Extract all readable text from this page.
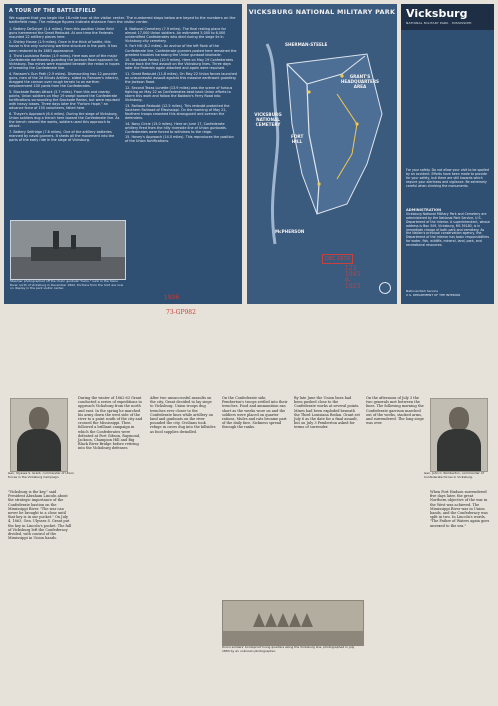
A TOUR OF THE BATTLEFIELD
We suggest that you begin the 16-mile tour at the visitor center. The numbered stops below are keyed to the numbers on the battlefield map. The mileage figures indicate distance from the visitor center.

1. Battery DeGolyer (1.4 miles). From this position Union field guns hammered the Great Redoubt. At one time the Federals mounted 22 artillery pieces here.

2. Shirley House (1.9 miles). Once in the thick of battle, this house is the only surviving wartime structure in the park. It has been restored to its 1863 appearance.

3. Third Louisiana Redan (1.9 miles). Here was one of the major Confederate earthworks guarding the Jackson Road approach to Vicksburg. Two mines were exploded beneath the redan in hopes of breaking the Confederate line.

4. Ransom's Gun Path (2.9 miles). Dismounting two 12-pounder guns, men of the 2d Illinois Artillery, aided by Ransom's infantry, dragged the cannon over rough terrain to an earthen emplacement 100 yards from the Confederates.

5. Stockade Redan Attack (3.7 miles). From this and nearby points, Union soldiers on May 19 swept toward the Confederate fortifications surrounding the Stockade Redan, but were repulsed with heavy losses. Three days later the "Forlorn Hope," an advance force of 150 volunteers, failed here.

6. Thayer's Approach (6.4 miles). During the siege of Vicksburg, Union soldiers dug a trench here toward the Confederate line. As the trench neared the works, soldiers used this approach to attack.

7. Battery Selfridge (7.6 miles). One of the artillery batteries manned by naval gunners. It sheds all the movement into the parts of the early ride in the siege of Vicksburg.

8. National Cemetery (7.9 miles). The final resting place for almost 17,000 Union soldiers. An estimated 5,000 to 6,000 unidentified Confederates who died during the siege lie in Vicksburg city cemetery.

9. Fort Hill (8.2 miles). An anchor of the left flank of the Confederate line, Confederate gunners posted here remained the greatest troubles harassing the Union gunboat blockade.

10. Stockade Redan (10.9 miles). Here on May 19 Confederates threw back the first assault on the Vicksburg lines. Three days later the Federals again attacked and again were repulsed.

11. Great Redoubt (11.8 miles). On May 22 Union forces launched an unsuccessful assault against this massive earthwork guarding the Jackson Road.

12. Second Texas Lunette (13.9 miles) was the scene of furious fighting on May 22 as Confederates beat back Union efforts to storm this work and follow the Baldwin's Ferry Road into Vicksburg.

13. Railroad Redoubt (12.5 miles). This redoubt protected the Southern Railroad of Mississippi. On the morning of May 22, Northern troops smashed this strongpoint and overran the defenders.

14. Navy Circle (15.0 miles). Here on June 17, Confederate artillery fired from the hilly riverside line of Union gunboats. Confederates were forced to withdraw to the ridge.

15. Hovey's Approach (14.0 miles). This reproduces the position of the Union fortifications.

Steamer photographed off the Union gunboat "Cairo," sunk in the Yazoo River north of Vicksburg in December 1862. Portions from the hold are now on display in the park visitor center.
1936
VICKSBURG NATIONAL MILITARY PARK
SHERMAN-STEELE
VICKSBURG NATIONAL CEMETERY
GRANT'S HEADQUARTERS AREA
FORT HILL
McPHERSON
DEC 1979
123
1945
6-
1923
Vicksburg
NATIONAL MILITARY PARK · MISSISSIPPI
For your safety. Do not allow your visit to be spoiled by an accident. Efforts have been made to provide for your safety, but there are still hazards which require your alertness and vigilance. Be extremely careful when climbing the monuments.
ADMINISTRATION
Vicksburg National Military Park and Cemetery are administered by the National Park Service, U.S. Department of the Interior. A superintendent, whose address is Box 349, Vicksburg, MS 39180, is in immediate charge of both park and cemetery. As the Nation's principal conservation agency, the Department of the Interior has basic responsibilities for water, fish, wildlife, mineral, land, park, and recreational resources.
National Park Service
U.S. DEPARTMENT OF THE INTERIOR
73-GP982
Gen. Ulysses S. Grant, commander of Union forces in the Vicksburg Campaign.
Gen. John C. Pemberton, commander of Confederate forces in Vicksburg.
"Vicksburg is the key," said President Abraham Lincoln about the strategic importance of the Confederate bastion on the Mississippi River. "The war can never be brought to a close until that key is in our pocket." On July 4, 1863, Gen. Ulysses S. Grant put the key in Lincoln's pocket. The fall of Vicksburg left the Confederacy divided, with control of the Mississippi in Union hands.
During the winter of 1862-63 Grant conducted a series of expeditions to approach Vicksburg from the north and east. In the spring he marched his army down the west side of the river to a point south of the city and crossed the Mississippi. Then followed a brilliant campaign in which the Confederates were defeated at Port Gibson, Raymond, Jackson, Champion Hill and Big Black River Bridge before retiring into the Vicksburg defenses.
After two unsuccessful assaults on the city, Grant decided to lay siege to Vicksburg. Union troops dug trenches ever closer to the Confederate lines while artillery on land and gunboats on the river pounded the city. Civilians took refuge in caves dug into the hillsides as food supplies dwindled.
On the Confederate side, Pemberton's troops settled into their trenches. Food and ammunition ran short as the weeks wore on and the soldiers were placed on quarter rations. Mules and rats became part of the daily fare. Sickness spread through the ranks.
By late June the Union lines had been pushed close to the Confederate works at several points. Mines had been exploded beneath the Third Louisiana Redan. Grant set July 6 as the date for a final assault, but on July 3 Pemberton asked for terms of surrender.
On the afternoon of July 3 the two generals met between the lines. The following morning the Confederate garrison marched out of the works, stacked arms, and surrendered. The long siege was over.
When Port Hudson surrendered five days later, the great Northern objective of the war in the West was achieved. The Mississippi River was in Union hands, and the Confederacy was split in two. In Lincoln's words, "The Father of Waters again goes unvexed to the sea."
Union soldiers' bombproof living quarters along the Vicksburg line, photographed in July 1863 by an unknown photographer.
